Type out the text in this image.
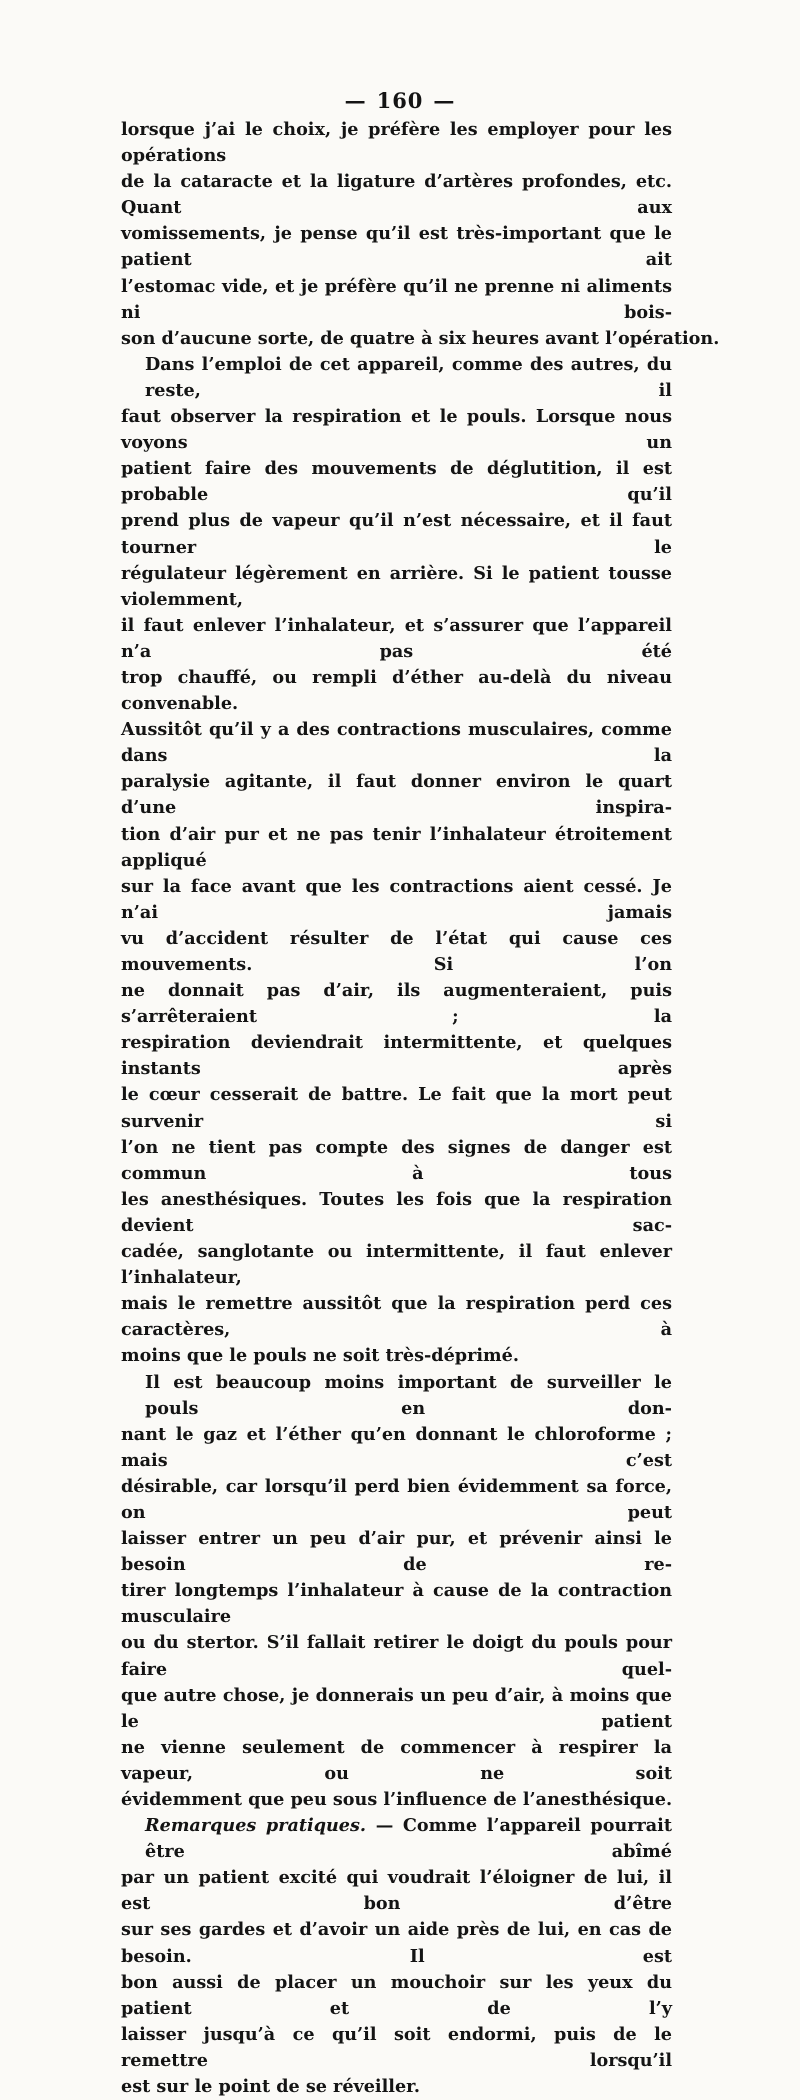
— 160 —

lorsque j’ai le choix, je préfère les employer pour les opérations
de la cataracte et la ligature d’artères profondes, etc. Quant aux
vomissements, je pense qu’il est très-important que le patient ait
l’estomac vide, et je préfère qu’il ne prenne ni aliments ni bois-
son d’aucune sorte, de quatre à six heures avant l’opération.

Dans l’emploi de cet appareil, comme des autres, du reste, il
faut observer la respiration et le pouls. Lorsque nous voyons un
patient faire des mouvements de déglutition, il est probable qu’il
prend plus de vapeur qu’il n’est nécessaire, et il faut tourner le
régulateur légèrement en arrière. Si le patient tousse violemment,
il faut enlever l’inhalateur, et s’assurer que l’appareil n’a pas été
trop chauffé, ou rempli d’éther au-delà du niveau convenable.
Aussitôt qu’il y a des contractions musculaires, comme dans la
paralysie agitante, il faut donner environ le quart d’une inspira-
tion d’air pur et ne pas tenir l’inhalateur étroitement appliqué
sur la face avant que les contractions aient cessé. Je n’ai jamais
vu d’accident résulter de l’état qui cause ces mouvements. Si l’on
ne donnait pas d’air, ils augmenteraient, puis s’arrêteraient ; la
respiration deviendrait intermittente, et quelques instants après
le cœur cesserait de battre. Le fait que la mort peut survenir si
l’on ne tient pas compte des signes de danger est commun à tous
les anesthésiques. Toutes les fois que la respiration devient sac-
cadée, sanglotante ou intermittente, il faut enlever l’inhalateur,
mais le remettre aussitôt que la respiration perd ces caractères, à
moins que le pouls ne soit très-déprimé.

Il est beaucoup moins important de surveiller le pouls en don-
nant le gaz et l’éther qu’en donnant le chloroforme ; mais c’est
désirable, car lorsqu’il perd bien évidemment sa force, on peut
laisser entrer un peu d’air pur, et prévenir ainsi le besoin de re-
tirer longtemps l’inhalateur à cause de la contraction musculaire
ou du stertor. S’il fallait retirer le doigt du pouls pour faire quel-
que autre chose, je donnerais un peu d’air, à moins que le patient
ne vienne seulement de commencer à respirer la vapeur, ou ne soit
évidemment que peu sous l’influence de l’anesthésique.

Remarques pratiques. — Comme l’appareil pourrait être abîmé
par un patient excité qui voudrait l’éloigner de lui, il est bon d’être
sur ses gardes et d’avoir un aide près de lui, en cas de besoin. Il est
bon aussi de placer un mouchoir sur les yeux du patient et de l’y
laisser jusqu’à ce qu’il soit endormi, puis de le remettre lorsqu’il
est sur le point de se réveiller.
